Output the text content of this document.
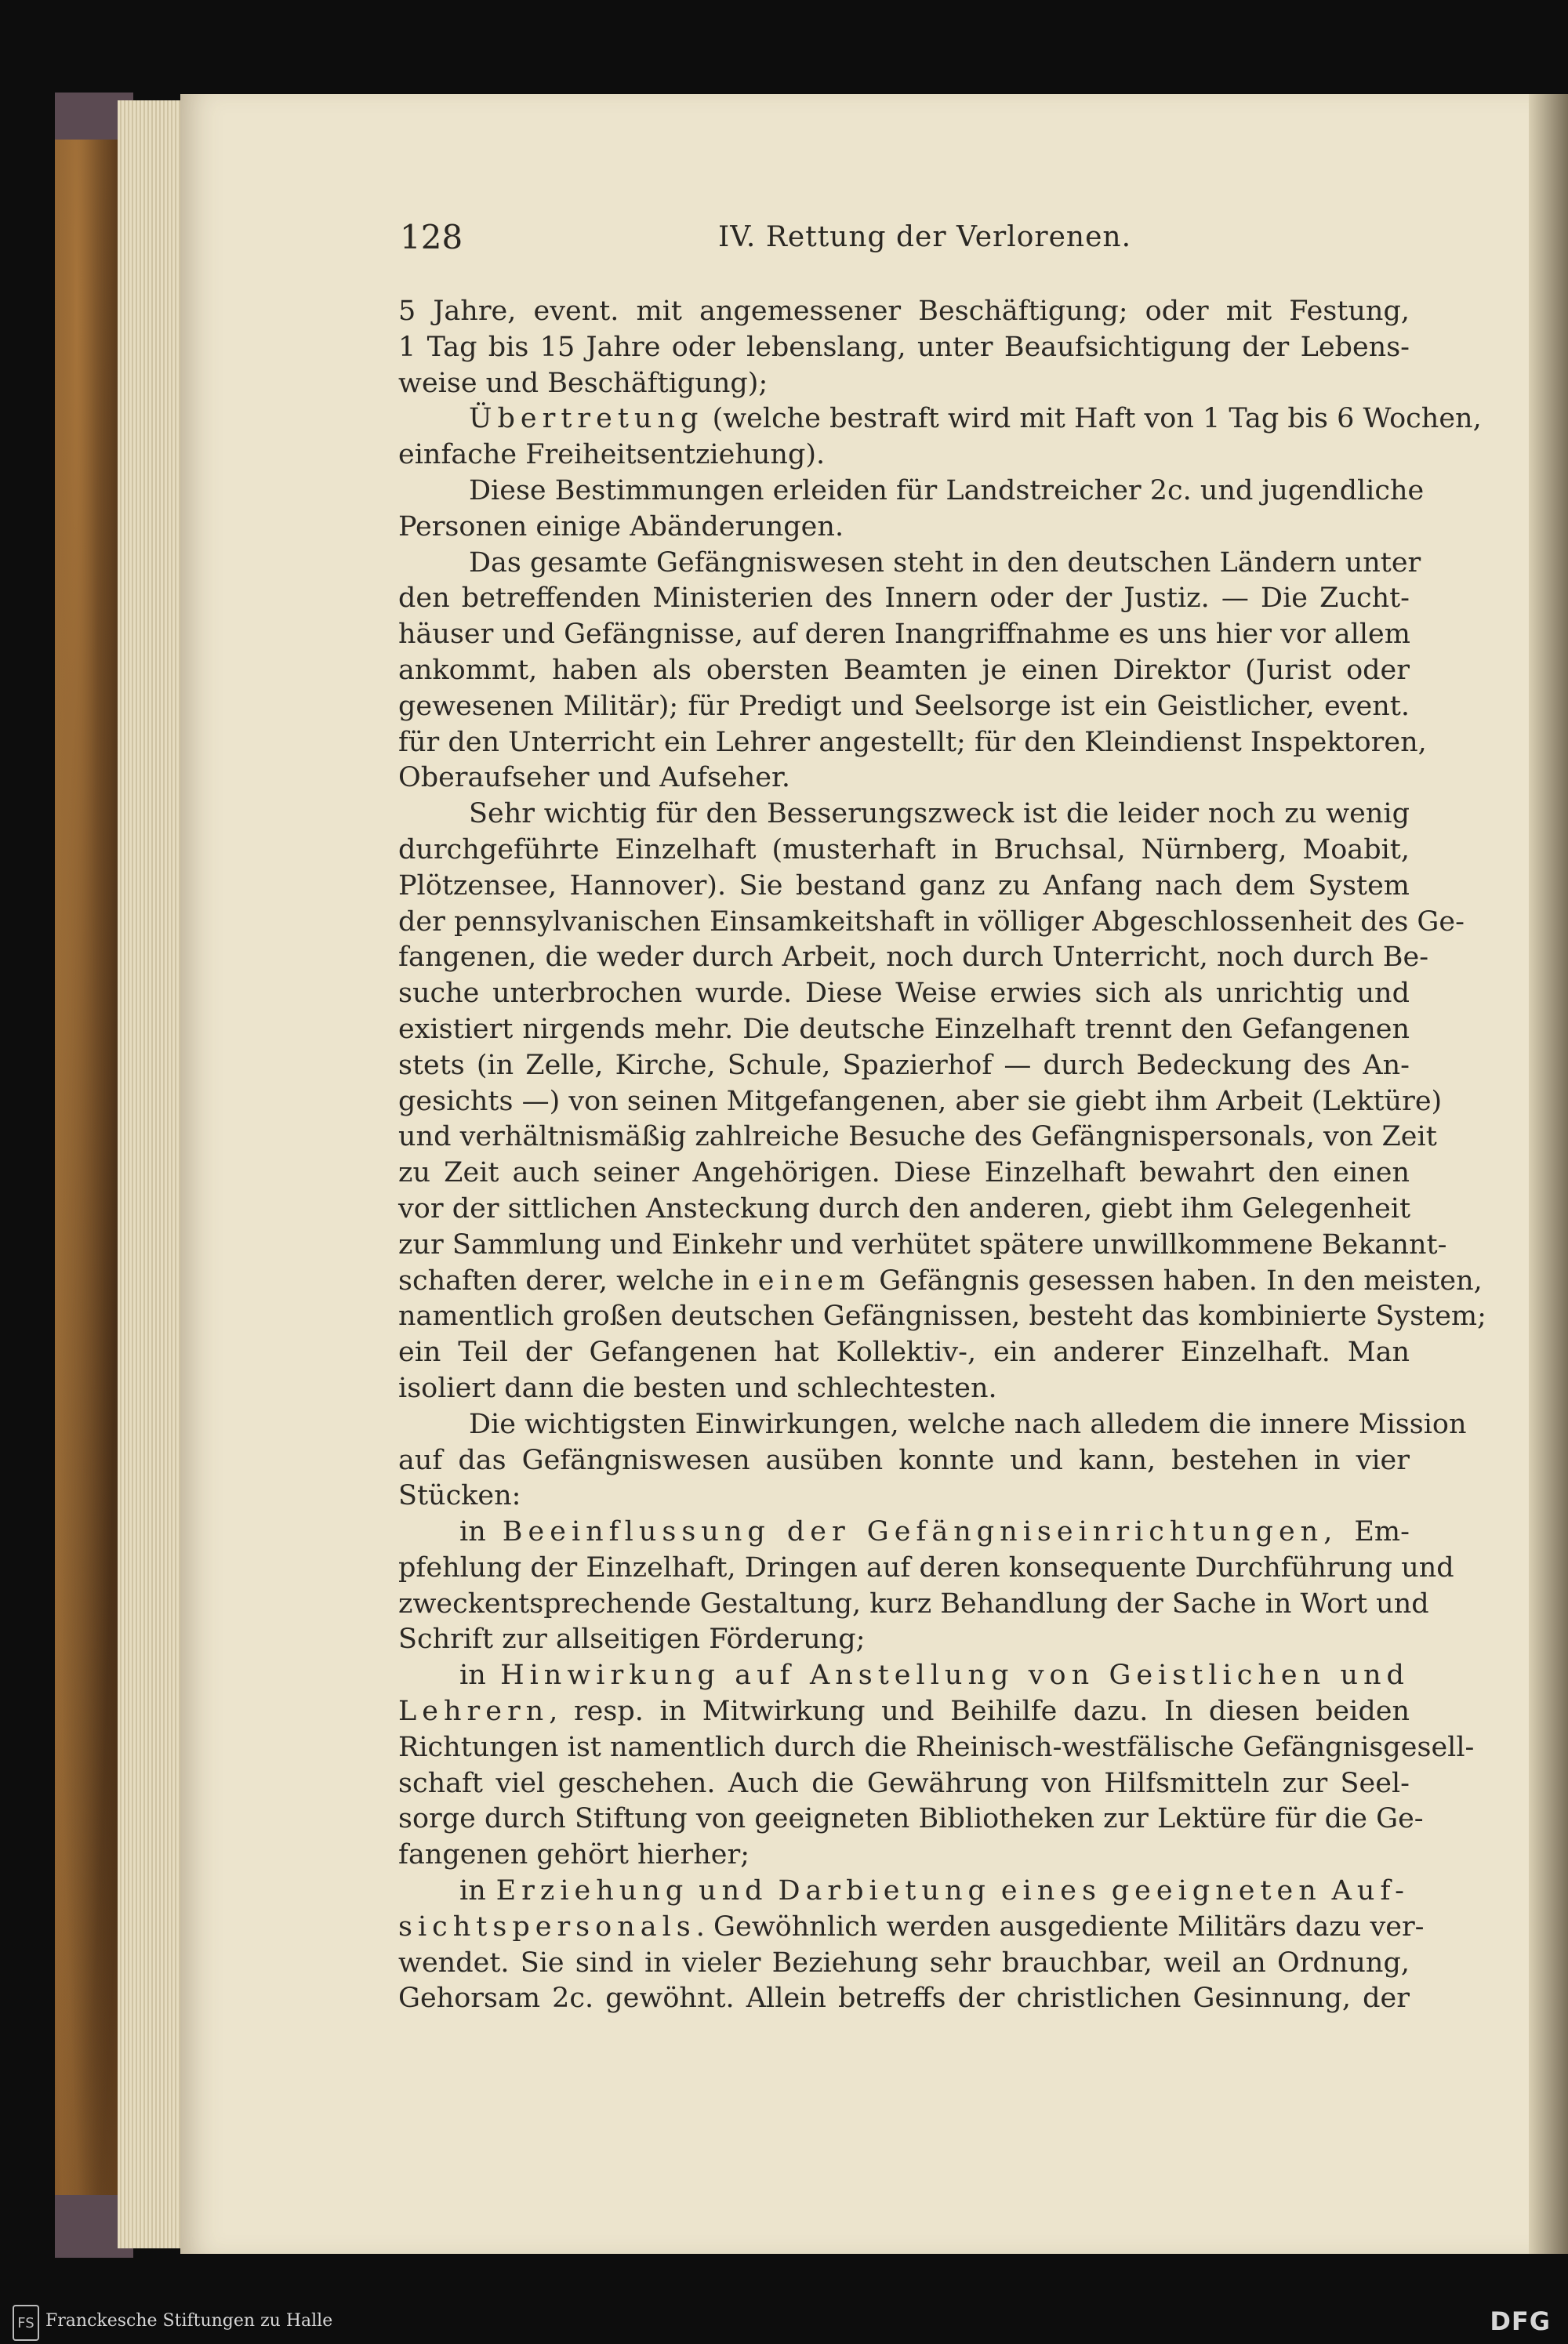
128	IV. Rettung der Verlorenen.

5 Jahre, event. mit angemessener Beschäftigung; oder mit Festung,

1 Tag bis 15 Jahre oder lebenslang, unter Beaufsichtigung der Lebens-

weise und Beschäftigung);

Übertretung (welche bestraft wird mit Haft von 1 Tag bis 6 Wochen,

einfache Freiheitsentziehung).

Diese Bestimmungen erleiden für Landstreicher 2c. und jugendliche

Personen einige Abänderungen.

Das gesamte Gefängniswesen steht in den deutschen Ländern unter

den betreffenden Ministerien des Innern oder der Justiz. — Die Zucht-

häuser und Gefängnisse, auf deren Inangriffnahme es uns hier vor allem

ankommt, haben als obersten Beamten je einen Direktor (Jurist oder

gewesenen Militär); für Predigt und Seelsorge ist ein Geistlicher, event.

für den Unterricht ein Lehrer angestellt; für den Kleindienst Inspektoren,

Oberaufseher und Aufseher.

Sehr wichtig für den Besserungszweck ist die leider noch zu wenig

durchgeführte Einzelhaft (musterhaft in Bruchsal, Nürnberg, Moabit,

Plötzensee, Hannover). Sie bestand ganz zu Anfang nach dem System

der pennsylvanischen Einsamkeitshaft in völliger Abgeschlossenheit des Ge-

fangenen, die weder durch Arbeit, noch durch Unterricht, noch durch Be-

suche unterbrochen wurde. Diese Weise erwies sich als unrichtig und

existiert nirgends mehr. Die deutsche Einzelhaft trennt den Gefangenen

stets (in Zelle, Kirche, Schule, Spazierhof — durch Bedeckung des An-

gesichts —) von seinen Mitgefangenen, aber sie giebt ihm Arbeit (Lektüre)

und verhältnismäßig zahlreiche Besuche des Gefängnispersonals, von Zeit

zu Zeit auch seiner Angehörigen. Diese Einzelhaft bewahrt den einen

vor der sittlichen Ansteckung durch den anderen, giebt ihm Gelegenheit

zur Sammlung und Einkehr und verhütet spätere unwillkommene Bekannt-

schaften derer, welche in einem Gefängnis gesessen haben. In den meisten,

namentlich großen deutschen Gefängnissen, besteht das kombinierte System;

ein Teil der Gefangenen hat Kollektiv-, ein anderer Einzelhaft. Man

isoliert dann die besten und schlechtesten.

Die wichtigsten Einwirkungen, welche nach alledem die innere Mission

auf das Gefängniswesen ausüben konnte und kann, bestehen in vier

Stücken:

in Beeinflussung der Gefängniseinrichtungen, Em-

pfehlung der Einzelhaft, Dringen auf deren konsequente Durchführung und

zweckentsprechende Gestaltung, kurz Behandlung der Sache in Wort und

Schrift zur allseitigen Förderung;

in Hinwirkung auf Anstellung von Geistlichen und

Lehrern, resp. in Mitwirkung und Beihilfe dazu. In diesen beiden

Richtungen ist namentlich durch die Rheinisch-westfälische Gefängnisgesell-

schaft viel geschehen. Auch die Gewährung von Hilfsmitteln zur Seel-

sorge durch Stiftung von geeigneten Bibliotheken zur Lektüre für die Ge-

fangenen gehört hierher;

in Erziehung und Darbietung eines geeigneten Auf-

sichtspersonals. Gewöhnlich werden ausgediente Militärs dazu ver-

wendet. Sie sind in vieler Beziehung sehr brauchbar, weil an Ordnung,

Gehorsam 2c. gewöhnt. Allein betreffs der christlichen Gesinnung, der

FS Franckesche Stiftungen zu Halle	DFG
